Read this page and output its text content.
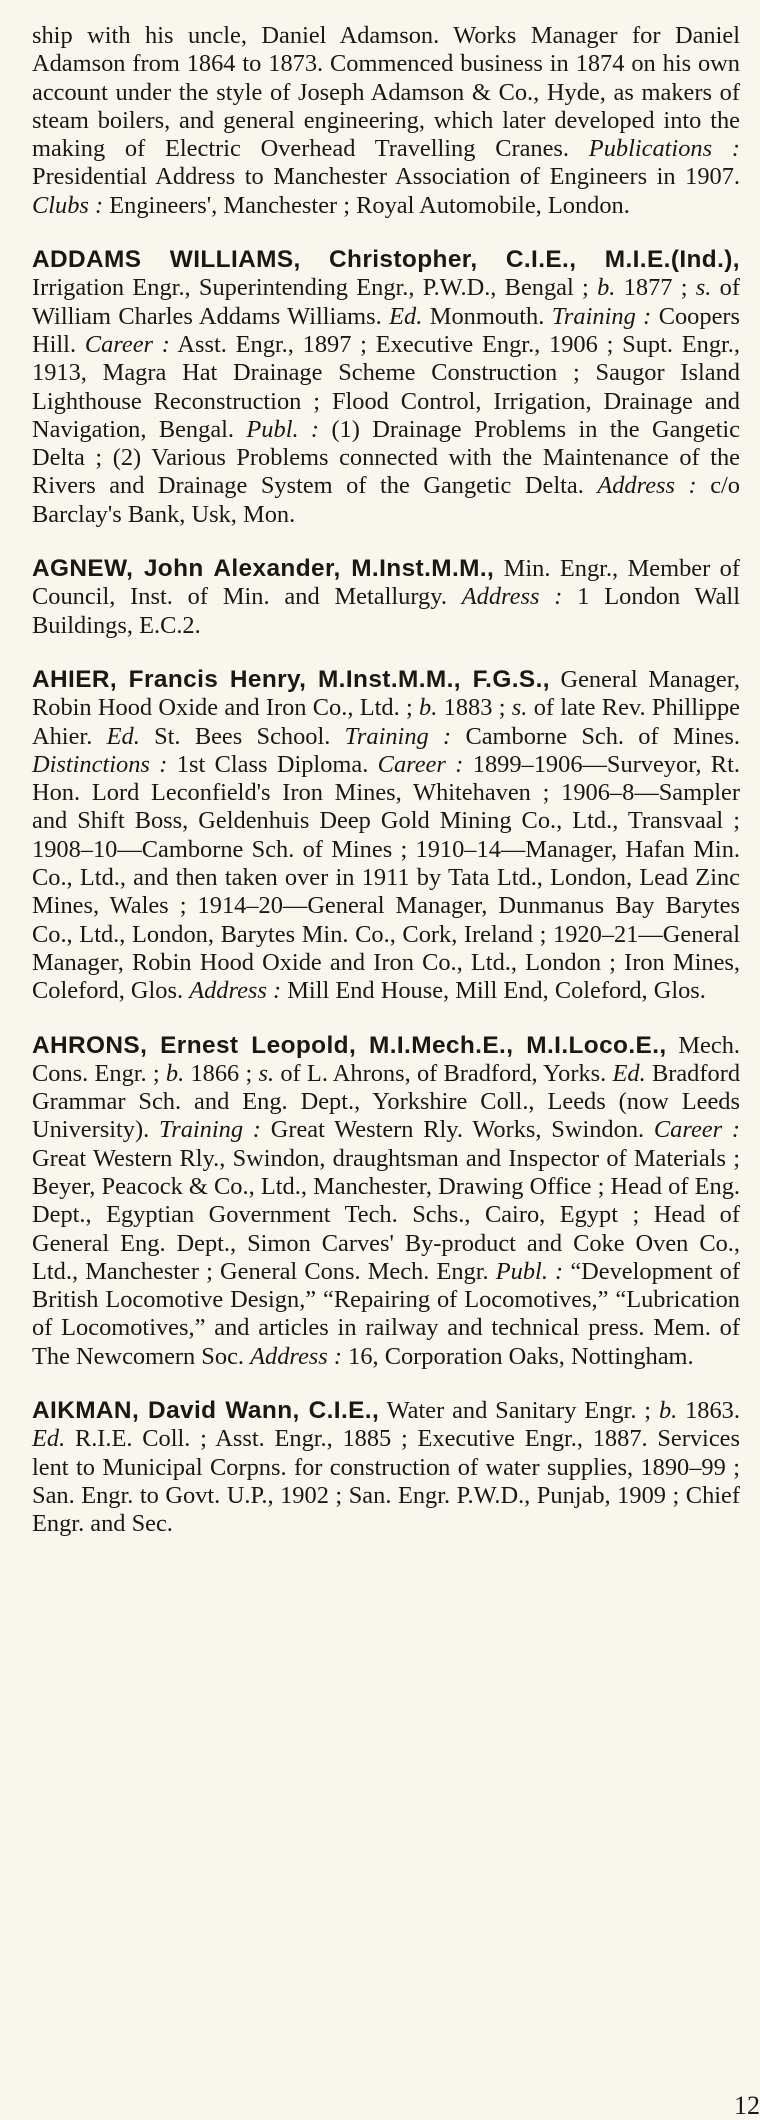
ship with his uncle, Daniel Adamson. Works Manager for Daniel Adamson from 1864 to 1873. Commenced business in 1874 on his own account under the style of Joseph Adamson & Co., Hyde, as makers of steam boilers, and general engineering, which later developed into the making of Electric Overhead Travelling Cranes. Publications : Presidential Address to Manchester Association of Engineers in 1907. Clubs : Engineers', Manchester ; Royal Automobile, London.

ADDAMS WILLIAMS, Christopher, C.I.E., M.I.E.(Ind.), Irrigation Engr., Superintending Engr., P.W.D., Bengal ; b. 1877 ; s. of William Charles Addams Williams. Ed. Monmouth. Training : Coopers Hill. Career : Asst. Engr., 1897 ; Executive Engr., 1906 ; Supt. Engr., 1913, Magra Hat Drainage Scheme Construction ; Saugor Island Lighthouse Reconstruction ; Flood Control, Irrigation, Drainage and Navigation, Bengal. Publ. : (1) Drainage Problems in the Gangetic Delta ; (2) Various Problems connected with the Maintenance of the Rivers and Drainage System of the Gangetic Delta. Address : c/o Barclay's Bank, Usk, Mon.

AGNEW, John Alexander, M.Inst.M.M., Min. Engr., Member of Council, Inst. of Min. and Metallurgy. Address : 1 London Wall Buildings, E.C.2.

AHIER, Francis Henry, M.Inst.M.M., F.G.S., General Manager, Robin Hood Oxide and Iron Co., Ltd. ; b. 1883 ; s. of late Rev. Phillippe Ahier. Ed. St. Bees School. Training : Camborne Sch. of Mines. Distinctions : 1st Class Diploma. Career : 1899–1906—Surveyor, Rt. Hon. Lord Leconfield's Iron Mines, Whitehaven ; 1906–8—Sampler and Shift Boss, Geldenhuis Deep Gold Mining Co., Ltd., Transvaal ; 1908–10—Camborne Sch. of Mines ; 1910–14—Manager, Hafan Min. Co., Ltd., and then taken over in 1911 by Tata Ltd., London, Lead Zinc Mines, Wales ; 1914–20—General Manager, Dunmanus Bay Barytes Co., Ltd., London, Barytes Min. Co., Cork, Ireland ; 1920–21—General Manager, Robin Hood Oxide and Iron Co., Ltd., London ; Iron Mines, Coleford, Glos. Address : Mill End House, Mill End, Coleford, Glos.

AHRONS, Ernest Leopold, M.I.Mech.E., M.I.Loco.E., Mech. Cons. Engr. ; b. 1866 ; s. of L. Ahrons, of Bradford, Yorks. Ed. Bradford Grammar Sch. and Eng. Dept., Yorkshire Coll., Leeds (now Leeds University). Training : Great Western Rly. Works, Swindon. Career : Great Western Rly., Swindon, draughtsman and Inspector of Materials ; Beyer, Peacock & Co., Ltd., Manchester, Drawing Office ; Head of Eng. Dept., Egyptian Government Tech. Schs., Cairo, Egypt ; Head of General Eng. Dept., Simon Carves' By-product and Coke Oven Co., Ltd., Manchester ; General Cons. Mech. Engr. Publ. : “Development of British Locomotive Design,” “Repairing of Locomotives,” “Lubrication of Locomotives,” and articles in railway and technical press. Mem. of The Newcomern Soc. Address : 16, Corporation Oaks, Nottingham.

AIKMAN, David Wann, C.I.E., Water and Sanitary Engr. ; b. 1863. Ed. R.I.E. Coll. ; Asst. Engr., 1885 ; Executive Engr., 1887. Services lent to Municipal Corpns. for construction of water supplies, 1890–99 ; San. Engr. to Govt. U.P., 1902 ; San. Engr. P.W.D., Punjab, 1909 ; Chief Engr. and Sec.

12
